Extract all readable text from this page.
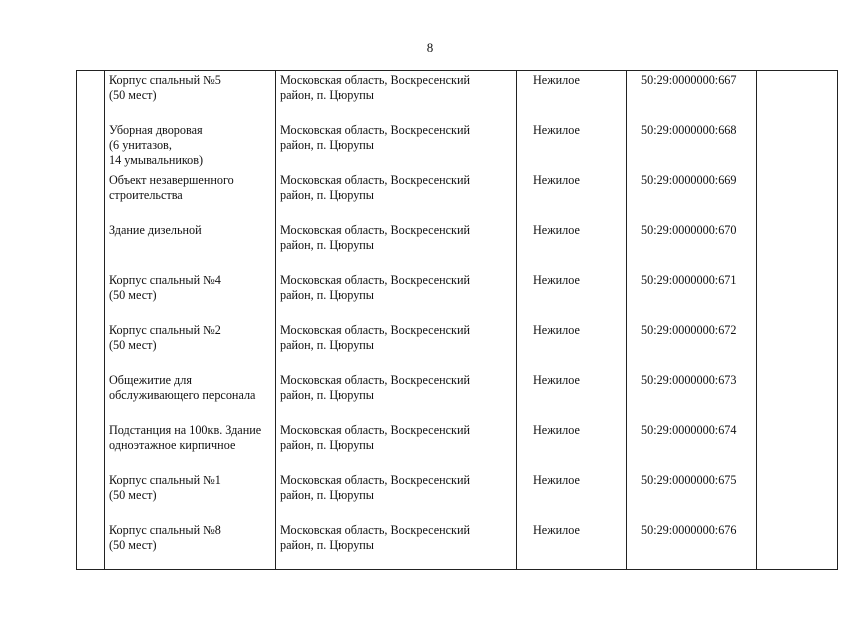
8
	Корпус спальный №5
(50 мест)	Московская область, Воскресенский
район, п. Цюрупы	Нежилое	50:29:0000000:667	
	Уборная дворовая
(6 унитазов,
14 умывальников)	Московская область, Воскресенский
район, п. Цюрупы	Нежилое	50:29:0000000:668	
	Объект незавершенного
строительства	Московская область, Воскресенский
район, п. Цюрупы	Нежилое	50:29:0000000:669	
	Здание дизельной	Московская область, Воскресенский
район, п. Цюрупы	Нежилое	50:29:0000000:670	
	Корпус спальный №4
(50 мест)	Московская область, Воскресенский
район, п. Цюрупы	Нежилое	50:29:0000000:671	
	Корпус спальный №2
(50 мест)	Московская область, Воскресенский
район, п. Цюрупы	Нежилое	50:29:0000000:672	
	Общежитие для
обслуживающего персонала	Московская область, Воскресенский
район, п. Цюрупы	Нежилое	50:29:0000000:673	
	Подстанция на 100кв. Здание
одноэтажное кирпичное	Московская область, Воскресенский
район, п. Цюрупы	Нежилое	50:29:0000000:674	
	Корпус спальный №1
(50 мест)	Московская область, Воскресенский
район, п. Цюрупы	Нежилое	50:29:0000000:675	
	Корпус спальный №8
(50 мест)	Московская область, Воскресенский
район, п. Цюрупы	Нежилое	50:29:0000000:676	
